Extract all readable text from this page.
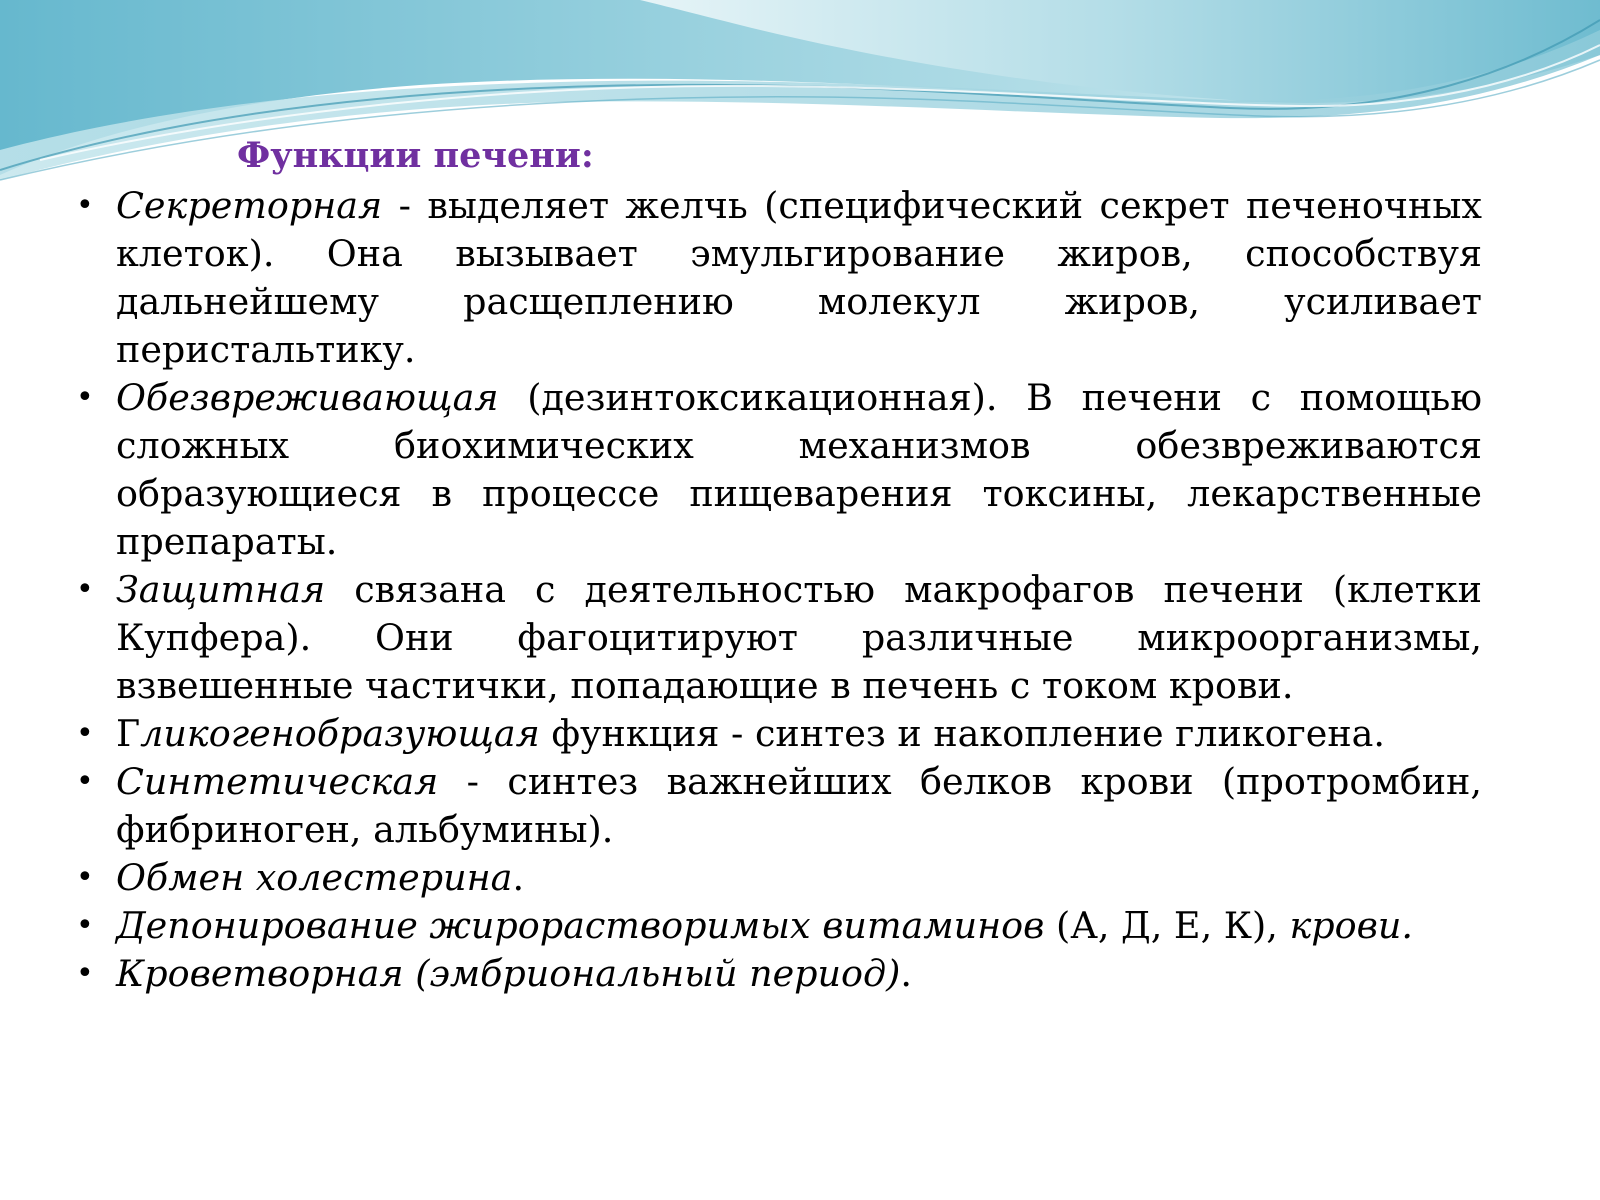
Функции печени:
• Секреторная - выделяет желчь (специфический секрет печеночных клеток). Она вызывает эмульгирование жиров, способствуя дальнейшему расщеплению молекул жиров, усиливает перистальтику.
• Обезвреживающая (дезинтоксикационная). В печени с помощью сложных биохимических механизмов обезвреживаются образующиеся в процессе пищеварения токсины, лекарственные препараты.
• Защитная связана с деятельностью макрофагов печени (клетки Купфера). Они фагоцитируют различные микроорганизмы, взвешенные частички, попадающие в печень с током крови.
• Гликогенобразующая функция - синтез и накопление гликогена.
• Синтетическая - синтез важнейших белков крови (протромбин, фибриноген, альбумины).
• Обмен холестерина.
• Депонирование жирорастворимых витаминов (А, Д, Е, К), крови.
• Кроветворная (эмбриональный период).
